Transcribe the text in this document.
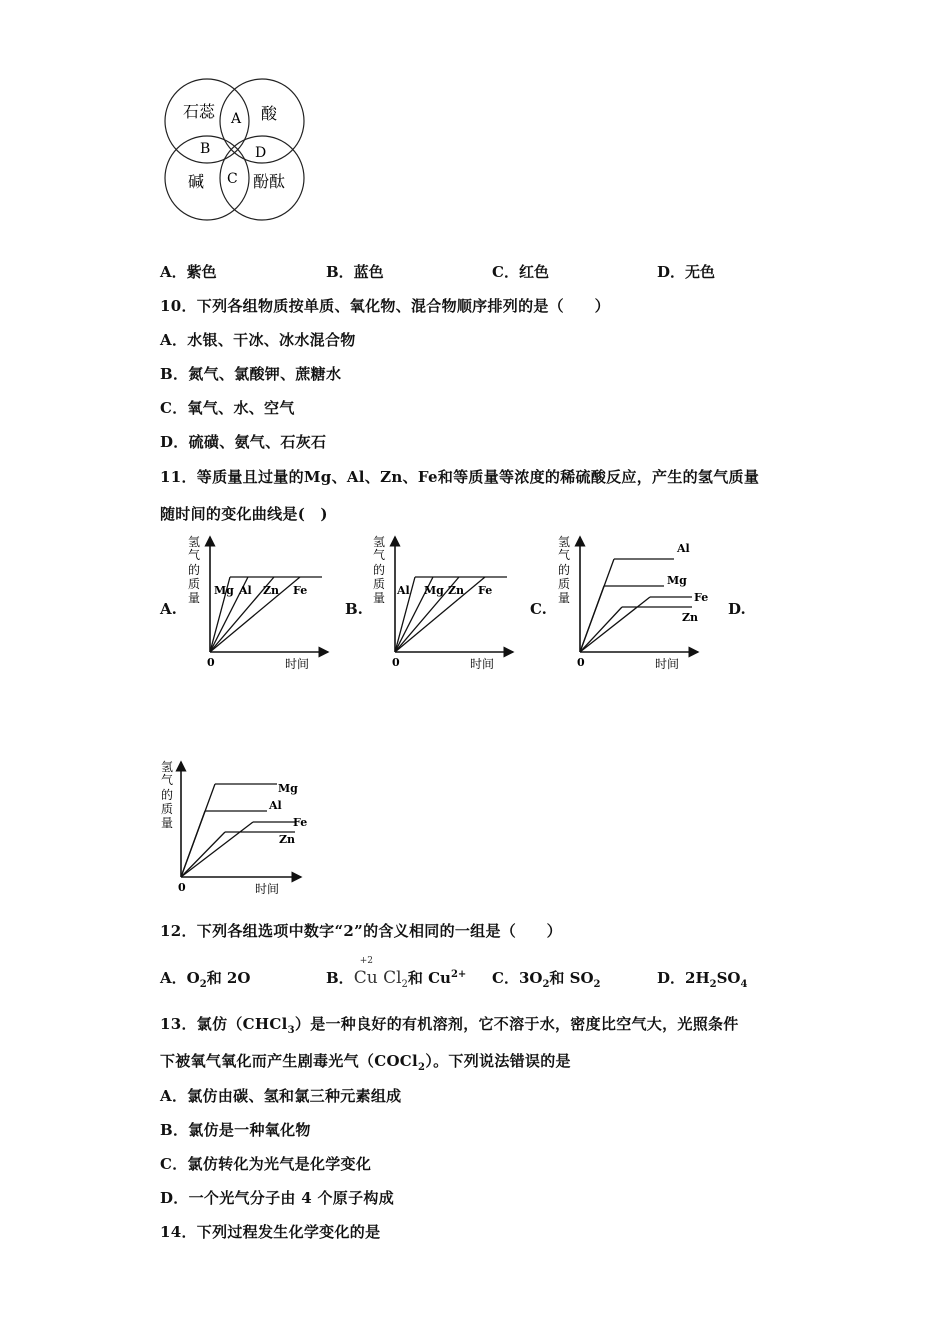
石蕊	酸
碱	酚酞
A
B
C
D
A．紫色	B．蓝色	C．红色	D．无色
10．下列各组物质按单质、氧化物、混合物顺序排列的是（　　）
A．水银、干冰、冰水混合物
B．氮气、氯酸钾、蔗糖水
C．氧气、水、空气
D．硫磺、氨气、石灰石
11．等质量且过量的Mg、Al、Zn、Fe和等质量等浓度的稀硫酸反应，产生的氢气质量
随时间的变化曲线是(　)
A.	B.	C.	D.
氢
气
的
质
量
Mg Al Zn Fe
0	时间
氢
气
的
质
量
Al Mg Zn Fe
0	时间
氢
气
的
质
量
Al
Mg
Fe
Zn
0	时间
氢
气
的
质
量
Mg
Al
Fe
Zn
0	时间
12．下列各组选项中数字“2”的含义相同的一组是（　　）
A．$O_2$和 2O	B．
+2
Cu $Cl_2$和 $Cu^{2+}$ C．$3O_2$和 $SO_2$	D．$2H_2SO_4$
13．氯仿（CHCl$_3$）是一种良好的有机溶剂，它不溶于水，密度比空气大，光照条件
下被氧气氧化而产生剧毒光气（COCl$_2$）。下列说法错误的是
A．氯仿由碳、氢和氯三种元素组成
B．氯仿是一种氧化物
C．氯仿转化为光气是化学变化
D．一个光气分子由 4 个原子构成
14．下列过程发生化学变化的是
